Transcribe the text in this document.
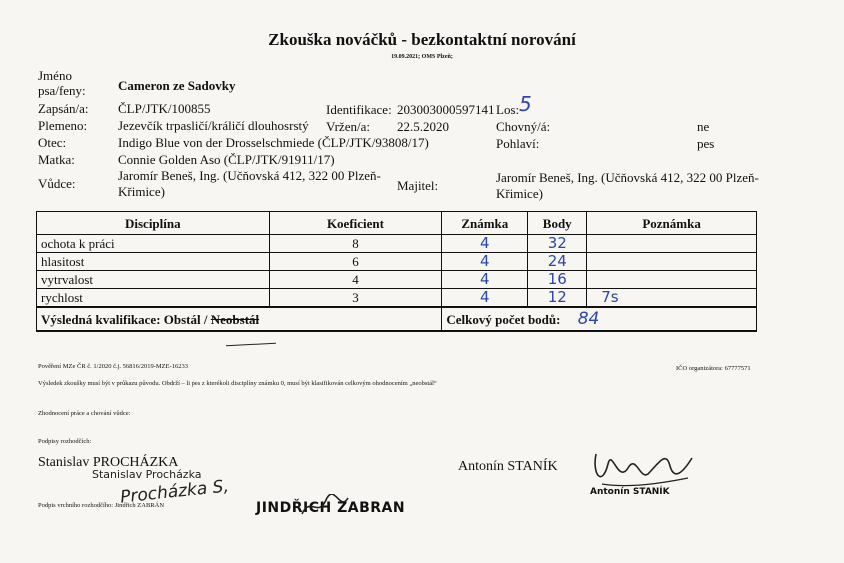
Zkouška nováčků - bezkontaktní norování
19.09.2021; OMS Plzeň;
Jméno psa/feny:	Cameron ze Sadovky
Zapsán/a: ČLP/JTK/100855	Identifikace: 203003000597141 Los: 5
Plemeno: Jezevčík trpasličí/králičí dlouhosrstý Vržen/a: 22.5.2020	Chovný/á:	ne
Otec:	Indigo Blue von der Drosselschmiede (ČLP/JTK/93808/17)	Pohlaví:	pes
Matka:	Connie Golden Aso (ČLP/JTK/91911/17)
Vůdce:
Jaromír Beneš, Ing. (Učňovská 412, 322 00 Plzeň-
Křimice)	Majitel:
Jaromír Beneš, Ing. (Učňovská 412, 322 00 Plzeň-
Křimice)
Disciplína	Koeficient	Známka	Body	Poznámka
ochota k práci	8	4	32	
hlasitost	6	4	24	
vytrvalost	4	4	16	
rychlost	3	4	12	7s
Výsledná kvalifikace: Obstál / Neobstál		Celkový počet bodů: 84		
Pověření MZe ČR č. 1/2020 č.j. 56816/2019-MZE-16233	IČO organizátora: 67777571
Výsledek zkoušky musí být v průkazu původu. Obdrží – li pes z kterékoli disciplíny známku 0, musí být klasifikován celkovým ohodnocením „neobstál“
Zhodnocení práce a chování vůdce:
Podpisy rozhodčích:
Stanislav PROCHÁZKA
Stanislav Procházka
Procházka S,
Podpis vrchního rozhodčího: Jindřich ZABRÁN	JINDŘICH ZABRAN
Antonín STANÍK
Antonín STANÍK
